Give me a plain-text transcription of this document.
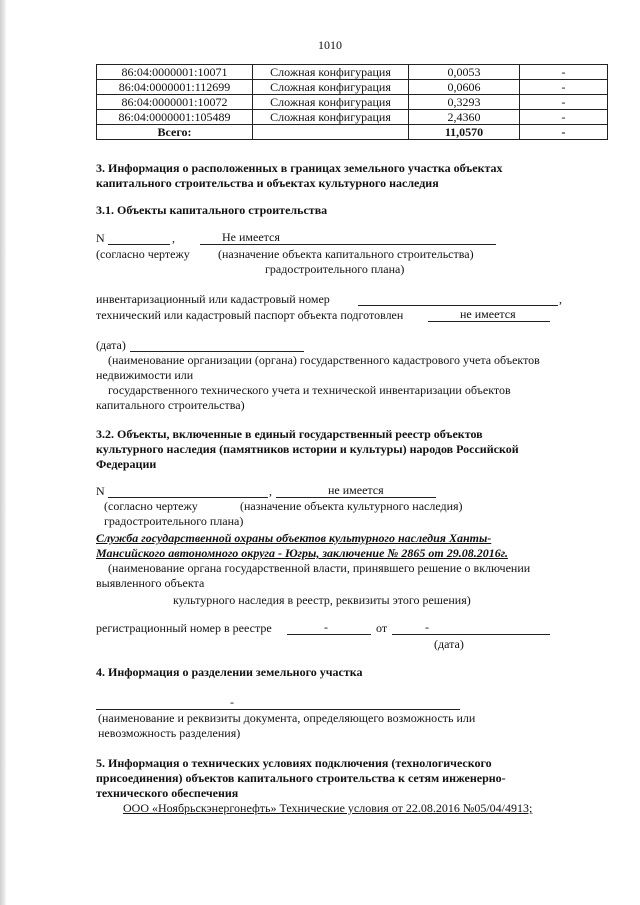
1010
86:04:0000001:10071	Сложная конфигурация	0,0053	-
86:04:0000001:112699	Сложная конфигурация	0,0606	-
86:04:0000001:10072	Сложная конфигурация	0,3293	-
86:04:0000001:105489	Сложная конфигурация	2,4360	-
Всего:		11,0570	-
3. Информация о расположенных в границах земельного участка объектах
капитального строительства и объектах культурного наследия
3.1. Объекты капитального строительства
N	,	Не имеется
(согласно чертежу (назначение объекта капитального строительства)
градостроительного плана)
инвентаризационный или кадастровый номер	,
технический или кадастровый паспорт объекта подготовлен	не имеется
(дата)
(наименование организации (органа) государственного кадастрового учета объектов
недвижимости или
государственного технического учета и технической инвентаризации объектов
капитального строительства)
3.2. Объекты, включенные в единый государственный реестр объектов
культурного наследия (памятников истории и культуры) народов Российской
Федерации
N	,	не имеется
(согласно чертежу	(назначение объекта культурного наследия)
градостроительного плана)
Служба государственной охраны объектов культурного наследия Ханты-
Мансийского автономного округа - Югры, заключение № 2865 от 29.08.2016г.
(наименование органа государственной власти, принявшего решение о включении
выявленного объекта
культурного наследия в реестр, реквизиты этого решения)
регистрационный номер в реестре	-	от	-
(дата)
4. Информация о разделении земельного участка
-
(наименование и реквизиты документа, определяющего возможность или
невозможность разделения)
5. Информация о технических условиях подключения (технологического
присоединения) объектов капитального строительства к сетям инженерно-
технического обеспечения
ООО «Ноябрьскэнергонефть» Технические условия от 22.08.2016 №05/04/4913;
